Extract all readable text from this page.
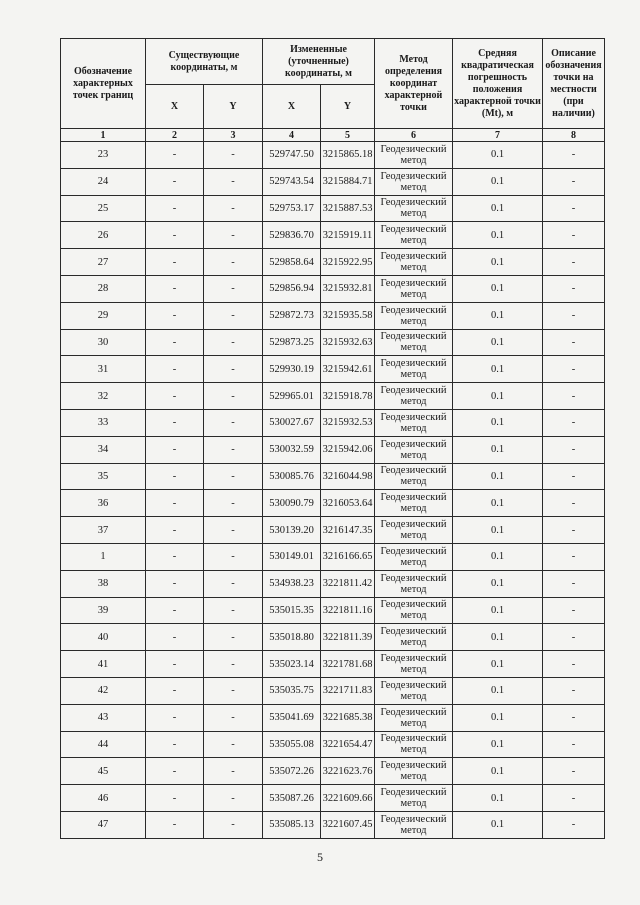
Обозначение характерных точек границ	Существующие координаты, м		Измененные (уточненные) координаты, м		Метод определения координат характерной точки	Средняя квадратическая погрешность положения характерной точки (Mt), м	Описание обозначения точки на местности (при наличии)
	X	Y	X	Y			
1	2	3	4	5	6	7	8
23	-	-	529747.50	3215865.18	Геодезический метод	0.1	-
24	-	-	529743.54	3215884.71	Геодезический метод	0.1	-
25	-	-	529753.17	3215887.53	Геодезический метод	0.1	-
26	-	-	529836.70	3215919.11	Геодезический метод	0.1	-
27	-	-	529858.64	3215922.95	Геодезический метод	0.1	-
28	-	-	529856.94	3215932.81	Геодезический метод	0.1	-
29	-	-	529872.73	3215935.58	Геодезический метод	0.1	-
30	-	-	529873.25	3215932.63	Геодезический метод	0.1	-
31	-	-	529930.19	3215942.61	Геодезический метод	0.1	-
32	-	-	529965.01	3215918.78	Геодезический метод	0.1	-
33	-	-	530027.67	3215932.53	Геодезический метод	0.1	-
34	-	-	530032.59	3215942.06	Геодезический метод	0.1	-
35	-	-	530085.76	3216044.98	Геодезический метод	0.1	-
36	-	-	530090.79	3216053.64	Геодезический метод	0.1	-
37	-	-	530139.20	3216147.35	Геодезический метод	0.1	-
1	-	-	530149.01	3216166.65	Геодезический метод	0.1	-
38	-	-	534938.23	3221811.42	Геодезический метод	0.1	-
39	-	-	535015.35	3221811.16	Геодезический метод	0.1	-
40	-	-	535018.80	3221811.39	Геодезический метод	0.1	-
41	-	-	535023.14	3221781.68	Геодезический метод	0.1	-
42	-	-	535035.75	3221711.83	Геодезический метод	0.1	-
43	-	-	535041.69	3221685.38	Геодезический метод	0.1	-
44	-	-	535055.08	3221654.47	Геодезический метод	0.1	-
45	-	-	535072.26	3221623.76	Геодезический метод	0.1	-
46	-	-	535087.26	3221609.66	Геодезический метод	0.1	-
47	-	-	535085.13	3221607.45	Геодезический метод	0.1	-
5
